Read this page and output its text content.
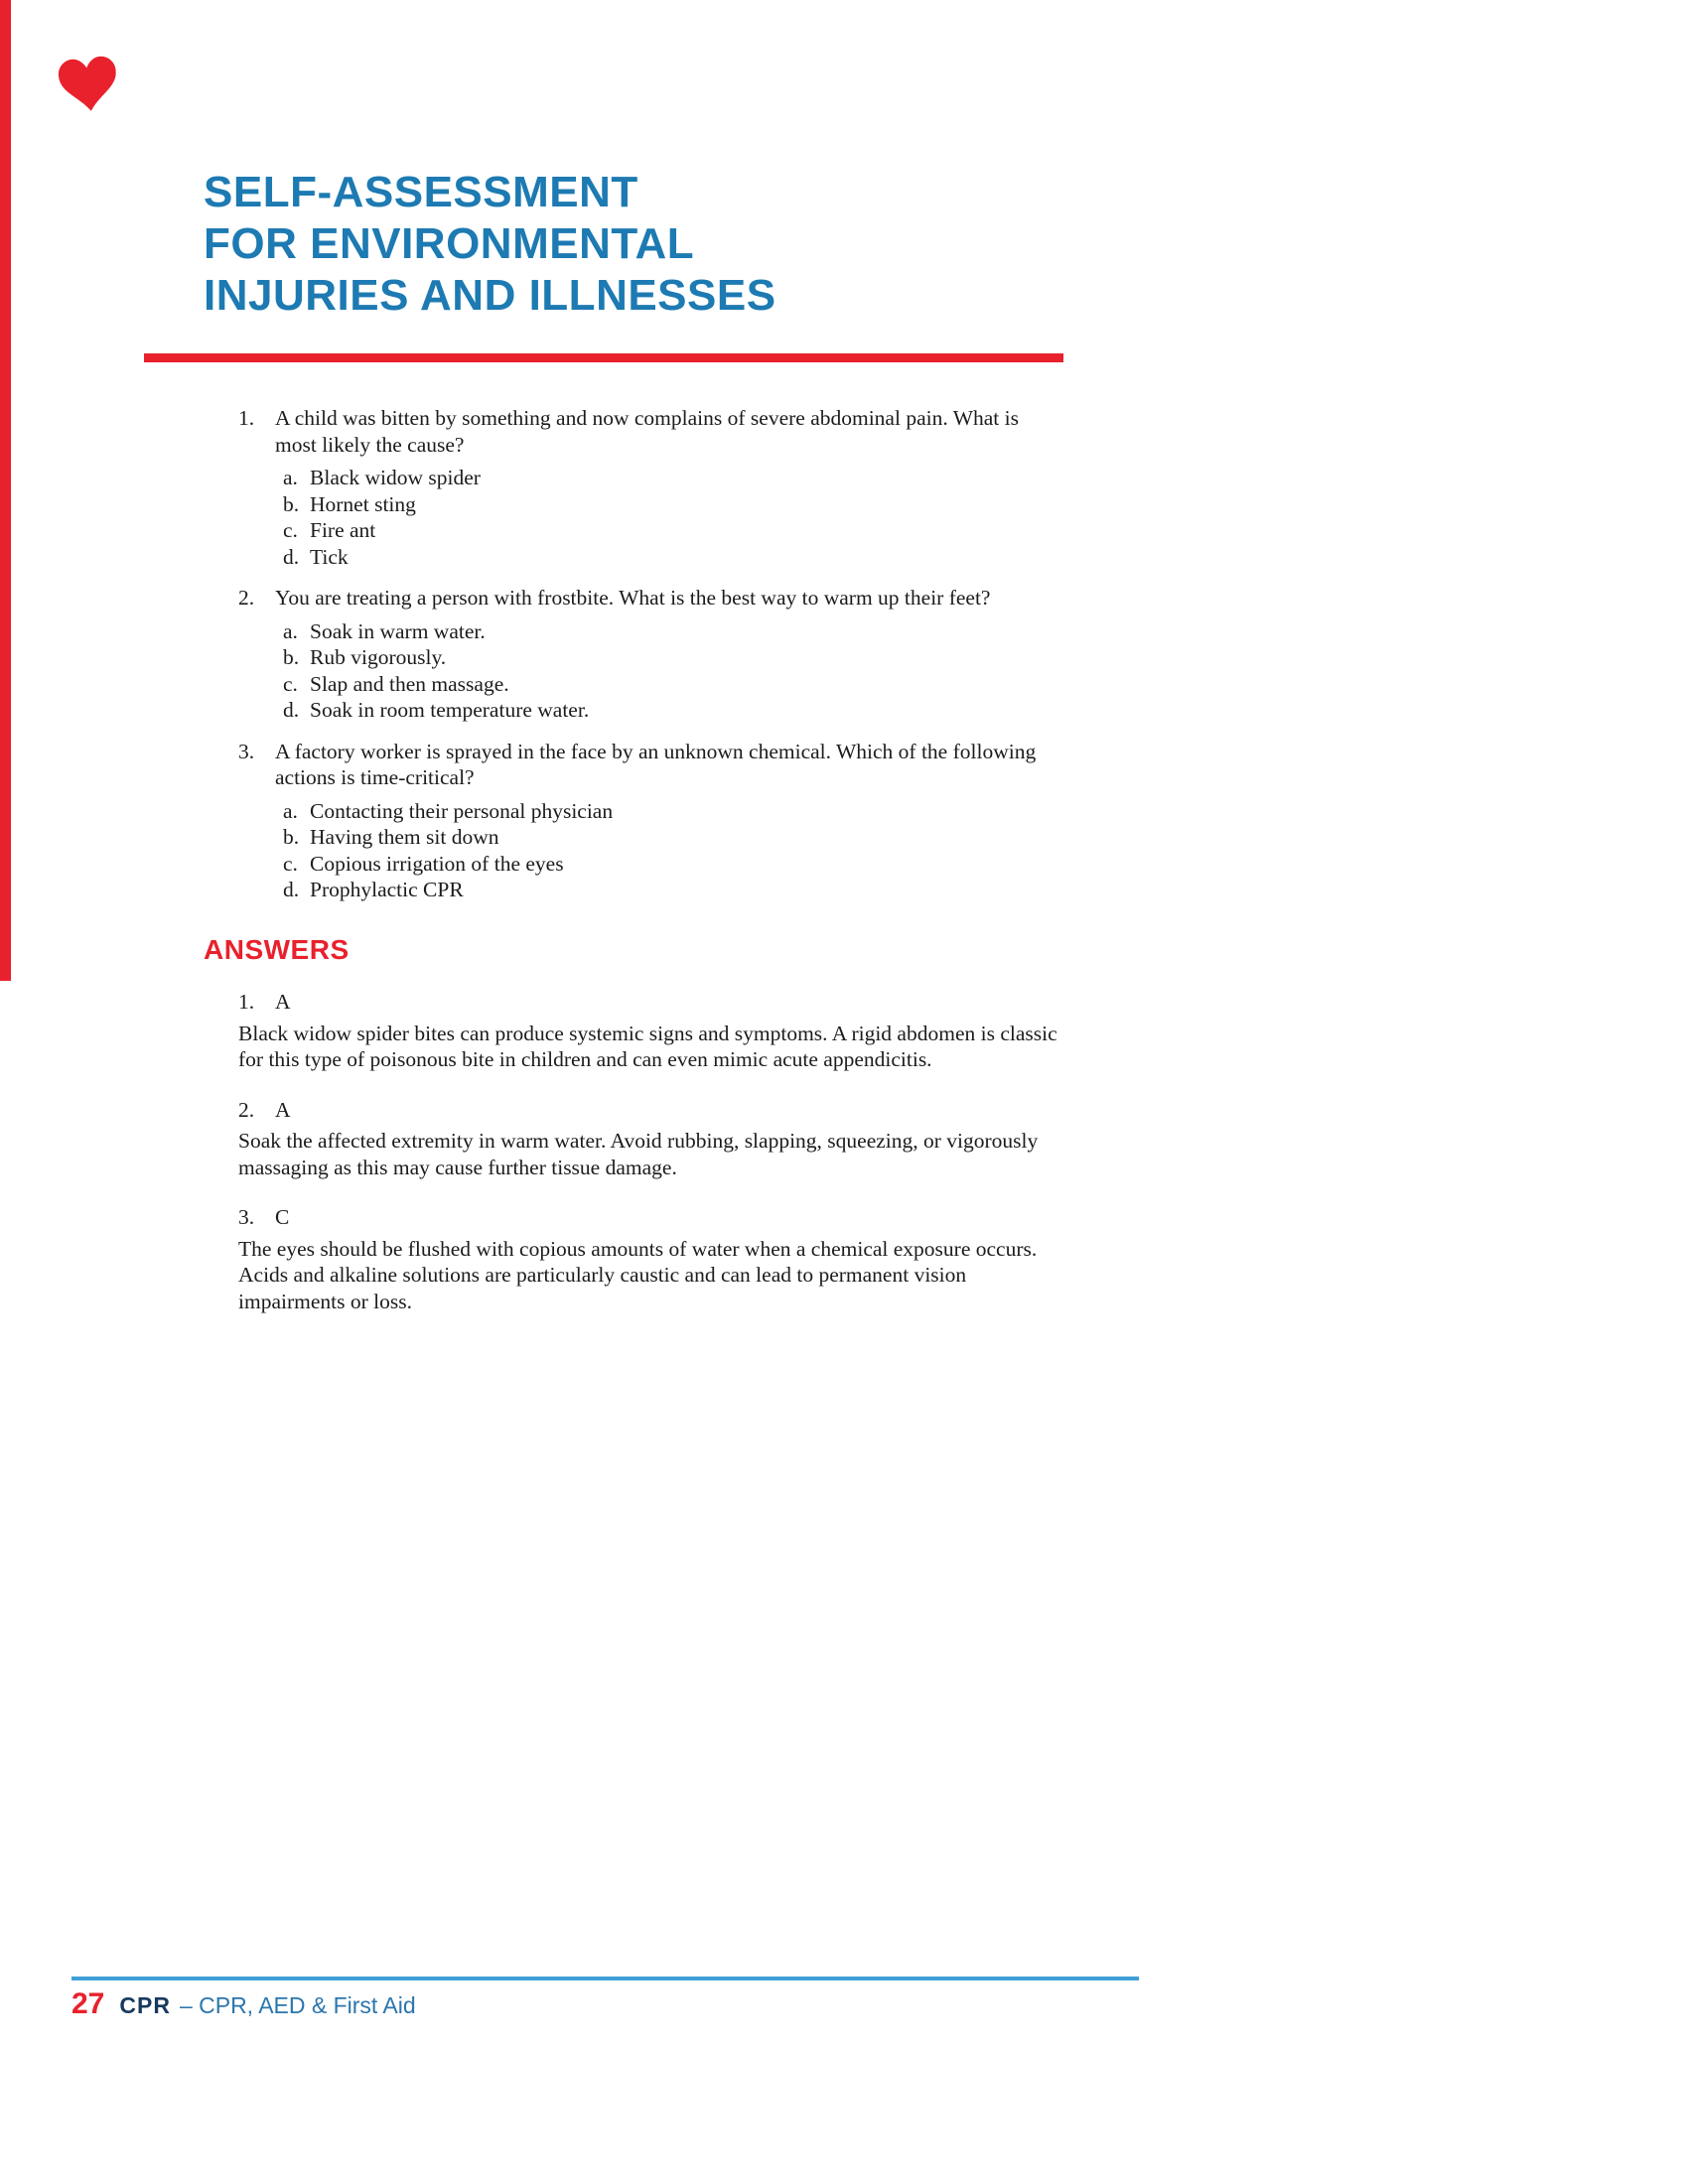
SELF-ASSESSMENT
FOR ENVIRONMENTAL
INJURIES AND ILLNESSES
1. A child was bitten by something and now complains of severe abdominal pain. What is most likely the cause?
a. Black widow spider
b. Hornet sting
c. Fire ant
d. Tick
2. You are treating a person with frostbite. What is the best way to warm up their feet?
a. Soak in warm water.
b. Rub vigorously.
c. Slap and then massage.
d. Soak in room temperature water.
3. A factory worker is sprayed in the face by an unknown chemical. Which of the following actions is time-critical?
a. Contacting their personal physician
b. Having them sit down
c. Copious irrigation of the eyes
d. Prophylactic CPR
ANSWERS
1. A
Black widow spider bites can produce systemic signs and symptoms. A rigid abdomen is classic for this type of poisonous bite in children and can even mimic acute appendicitis.
2. A
Soak the affected extremity in warm water. Avoid rubbing, slapping, squeezing, or vigorously massaging as this may cause further tissue damage.
3. C
The eyes should be flushed with copious amounts of water when a chemical exposure occurs. Acids and alkaline solutions are particularly caustic and can lead to permanent vision impairments or loss.
27 CPR – CPR, AED & First Aid
